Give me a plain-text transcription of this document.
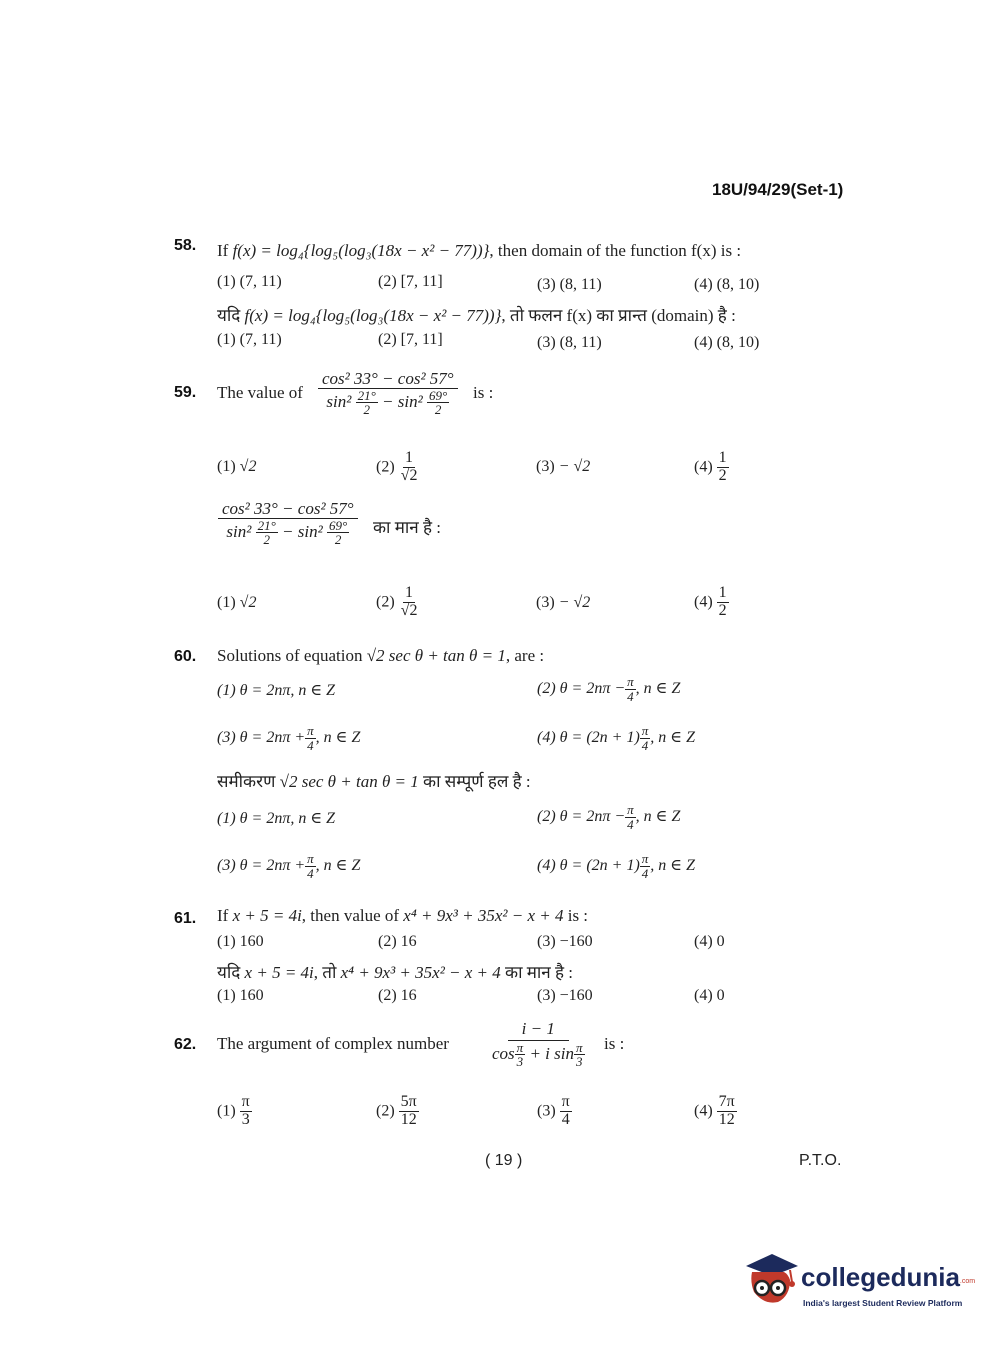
18U/94/29(Set-1)
58. If f(x) = log₄{log₅(log₃(18x − x² − 77))}, then domain of the function f(x) is :
(1) (7, 11)	(2) [7, 11]	(3) (8, 11)	(4) (8, 10)
यदि f(x) = log₄{log₅(log₃(18x − x² − 77))}, तो फलन f(x) का प्रान्त (domain) है :
(1) (7, 11)	(2) [7, 11]	(3) (8, 11)	(4) (8, 10)
59. The value of $\frac{\text{cos² 33° − cos² 57°}}{\sin^2 \frac{21^\circ}{2} - \sin^2 \frac{69^\circ}{2}}$ is :
(1) √2	$(2) \frac{1}{√2}$	(3) − √2	$(4) \frac{1}{2}$
$\frac{\text{cos² 33° − cos² 57°}}{\sin^2 \frac{21^\circ}{2} - \sin^2 \frac{69^\circ}{2}}$ का मान है :
(1) √2	$(2) \frac{1}{√2}$	(3) − √2	$(4) \frac{1}{2}$
60. Solutions of equation √2 sec θ + tan θ = 1, are :
(1) θ = 2nπ, n ∈ Z	(2) $\theta = 2n\pi - \frac{\pi}{4}$ , n ∈ Z
(3) $\theta = 2n\pi + \frac{\pi}{4}$ , n ∈ Z	(4) $\theta = (2n + 1) \frac{\pi}{4}$ , n ∈ Z
समीकरण √2 sec θ + tan θ = 1 का सम्पूर्ण हल है :
(1) θ = 2nπ, n ∈ Z	(2) $\theta = 2n\pi - \frac{\pi}{4}$ , n ∈ Z
(3) $\theta = 2n\pi + \frac{\pi}{4}$ , n ∈ Z	(4) $\theta = (2n + 1) \frac{\pi}{4}$ , n ∈ Z
61. If x + 5 = 4i, then value of x⁴ + 9x³ + 35x² − x + 4 is :
(1) 160	(2) 16	(3) −160	(4) 0
यदि x + 5 = 4i, तो x⁴ + 9x³ + 35x² − x + 4 का मान है :
(1) 160	(2) 16	(3) −160	(4) 0
62. The argument of complex number $\frac{i - 1}{\cos \frac{\pi}{3} + i \sin \frac{\pi}{3}}$ is :
$(1) \frac{\pi}{3}$	$(2) \frac{5\pi}{12}$	$(3) \frac{\pi}{4}$	$(4) \frac{7\pi}{12}$
( 19 )	P.T.O.
collegedunia.com
India's largest Student Review Platform
